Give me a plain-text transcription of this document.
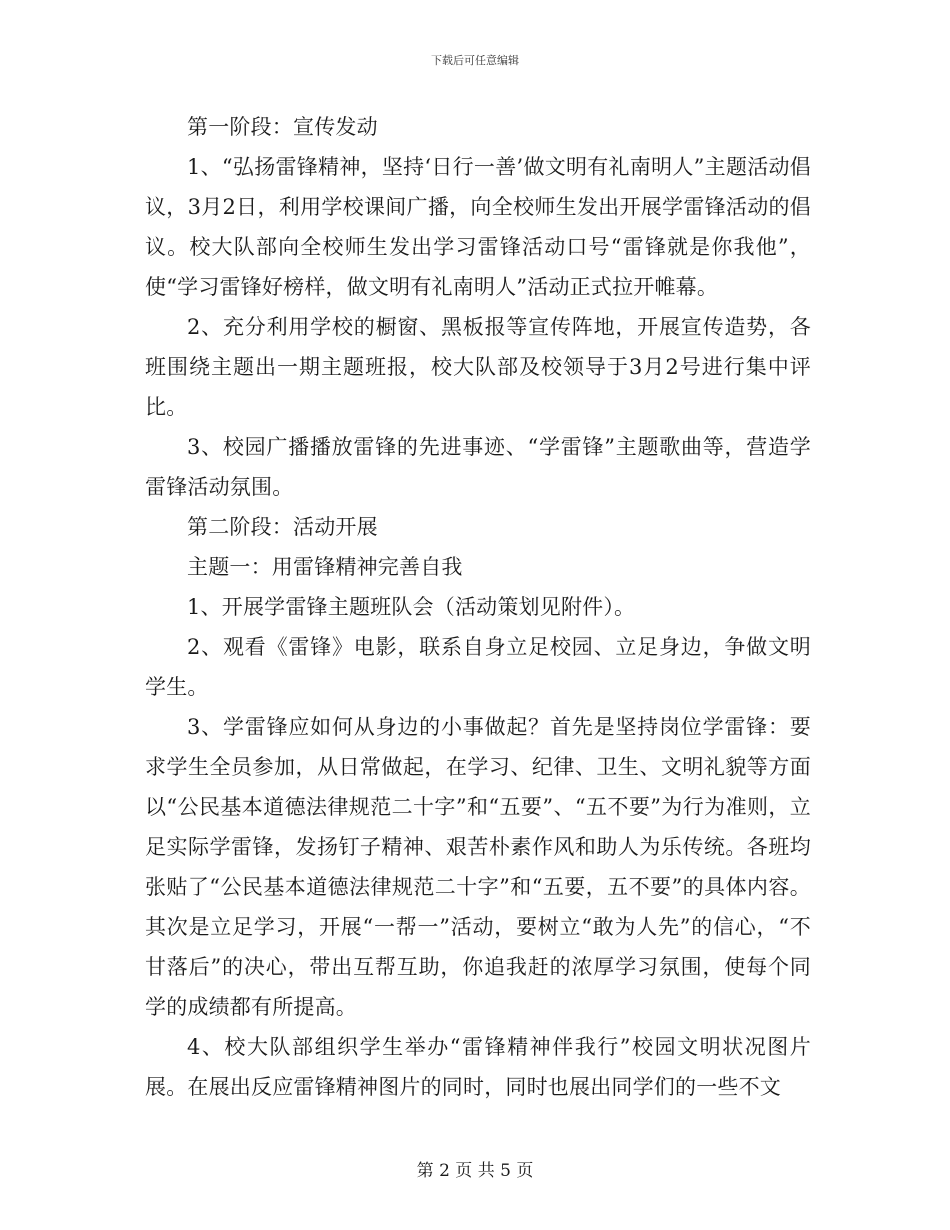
下载后可任意编辑

第一阶段：宣传发动

1、“弘扬雷锋精神，坚持‘日行一善’做文明有礼南明人”主题活动倡议，3月2日，利用学校课间广播，向全校师生发出开展学雷锋活动的倡议。校大队部向全校师生发出学习雷锋活动口号“雷锋就是你我他”，使“学习雷锋好榜样，做文明有礼南明人”活动正式拉开帷幕。

2、充分利用学校的橱窗、黑板报等宣传阵地，开展宣传造势，各班围绕主题出一期主题班报，校大队部及校领导于3月2号进行集中评比。

3、校园广播播放雷锋的先进事迹、“学雷锋”主题歌曲等，营造学雷锋活动氛围。

第二阶段：活动开展

主题一：用雷锋精神完善自我

1、开展学雷锋主题班队会（活动策划见附件）。

2、观看《雷锋》电影，联系自身立足校园、立足身边，争做文明学生。

3、学雷锋应如何从身边的小事做起？首先是坚持岗位学雷锋：要求学生全员参加，从日常做起，在学习、纪律、卫生、文明礼貌等方面以“公民基本道德法律规范二十字”和“五要”、“五不要”为行为准则，立足实际学雷锋，发扬钉子精神、艰苦朴素作风和助人为乐传统。各班均张贴了“公民基本道德法律规范二十字”和“五要，五不要”的具体内容。其次是立足学习，开展“一帮一”活动，要树立“敢为人先”的信心，“不甘落后”的决心，带出互帮互助，你追我赶的浓厚学习氛围，使每个同学的成绩都有所提高。

4、校大队部组织学生举办“雷锋精神伴我行”校园文明状况图片展。在展出反应雷锋精神图片的同时，同时也展出同学们的一些不文

第 2 页 共 5 页
